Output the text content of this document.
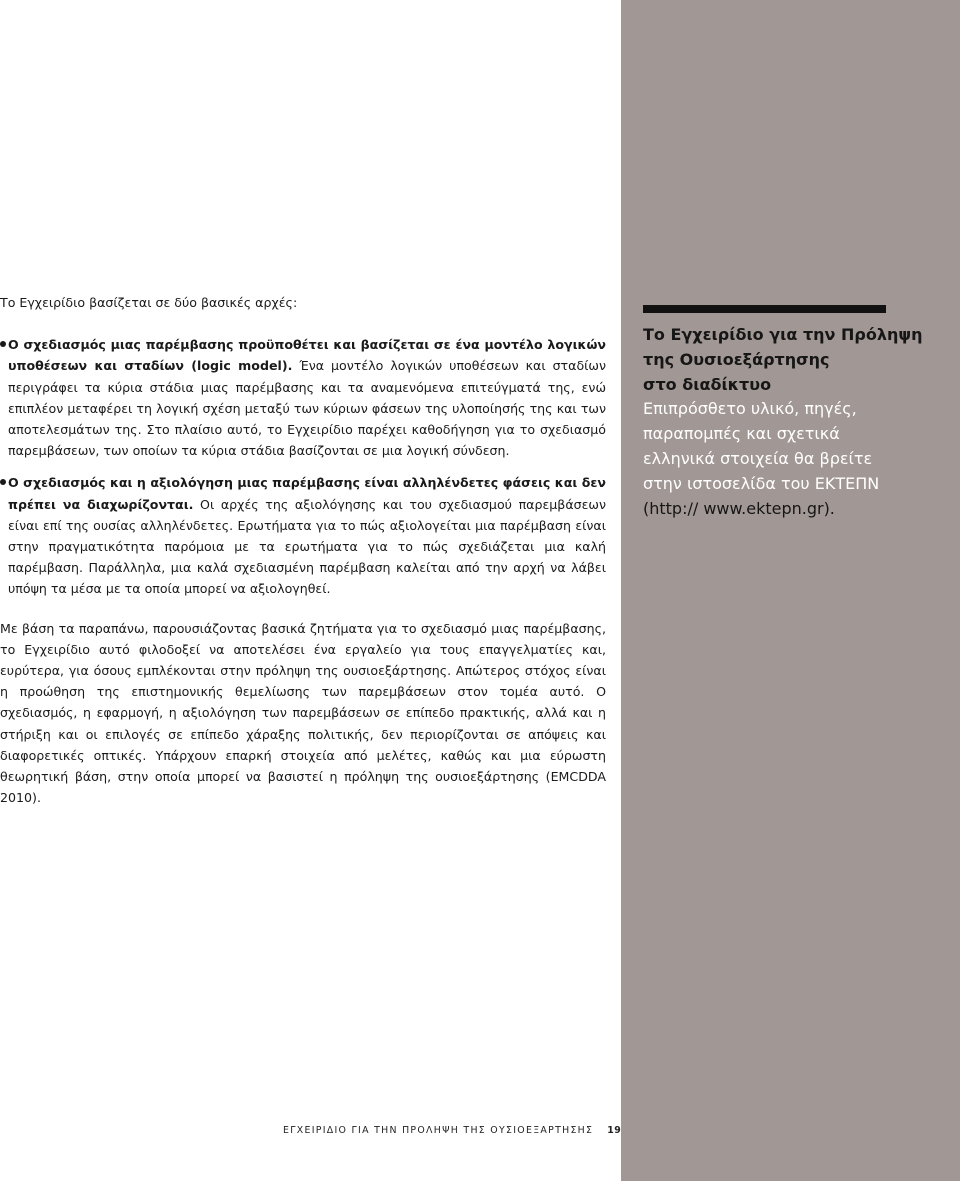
Το Εγχειρίδιο βασίζεται σε δύο βασικές αρχές:

Ο σχεδιασμός μιας παρέμβασης προϋποθέτει και βασίζεται σε ένα μοντέλο λογικών υποθέσεων και σταδίων (logic model). Ένα μοντέλο λογικών υποθέσεων και σταδίων περιγράφει τα κύρια στάδια μιας παρέμβασης και τα αναμενόμενα επιτεύγματά της, ενώ επιπλέον μεταφέρει τη λογική σχέση μεταξύ των κύριων φάσεων της υλοποίησής της και των αποτελεσμάτων της. Στο πλαίσιο αυτό, το Εγχειρίδιο παρέχει καθοδήγηση για το σχεδιασμό παρεμβάσεων, των οποίων τα κύρια στάδια βασίζονται σε μια λογική σύνδεση.
Ο σχεδιασμός και η αξιολόγηση μιας παρέμβασης είναι αλληλένδετες φάσεις και δεν πρέπει να διαχωρίζονται. Οι αρχές της αξιολόγησης και του σχεδιασμού παρεμβάσεων είναι επί της ουσίας αλληλένδετες. Ερωτήματα για το πώς αξιολογείται μια παρέμβαση είναι στην πραγματικότητα παρόμοια με τα ερωτήματα για το πώς σχεδιάζεται μια καλή παρέμβαση. Παράλληλα, μια καλά σχεδιασμένη παρέμβαση καλείται από την αρχή να λάβει υπόψη τα μέσα με τα οποία μπορεί να αξιολογηθεί.

Με βάση τα παραπάνω, παρουσιάζοντας βασικά ζητήματα για το σχεδιασμό μιας παρέμβασης, το Εγχειρίδιο αυτό φιλοδοξεί να αποτελέσει ένα εργαλείο για τους επαγγελματίες και, ευρύτερα, για όσους εμπλέκονται στην πρόληψη της ουσιοεξάρτησης. Απώτερος στόχος είναι η προώθηση της επιστημονικής θεμελίωσης των παρεμβάσεων στον τομέα αυτό. Ο σχεδιασμός, η εφαρμογή, η αξιολόγηση των παρεμβάσεων σε επίπεδο πρακτικής, αλλά και η στήριξη και οι επιλογές σε επίπεδο χάραξης πολιτικής, δεν περιορίζονται σε απόψεις και διαφορετικές οπτικές. Υπάρχουν επαρκή στοιχεία από μελέτες, καθώς και μια εύρωστη θεωρητική βάση, στην οποία μπορεί να βασιστεί η πρόληψη της ουσιοεξάρτησης (EMCDDA 2010).

Το Εγχειρίδιο για την Πρόληψη
της Ουσιοεξάρτησης
στο διαδίκτυο
Επιπρόσθετο υλικό, πηγές,
παραπομπές και σχετικά
ελληνικά στοιχεία θα βρείτε
στην ιστοσελίδα του ΕΚΤΕΠΝ
(http:// www.ektepn.gr).
ΕΓΧΕΙΡΙΔΙΟ ΓΙΑ ΤΗΝ ΠΡΟΛΗΨΗ ΤΗΣ ΟΥΣΙΟΕΞΑΡΤΗΣΗΣ 19
